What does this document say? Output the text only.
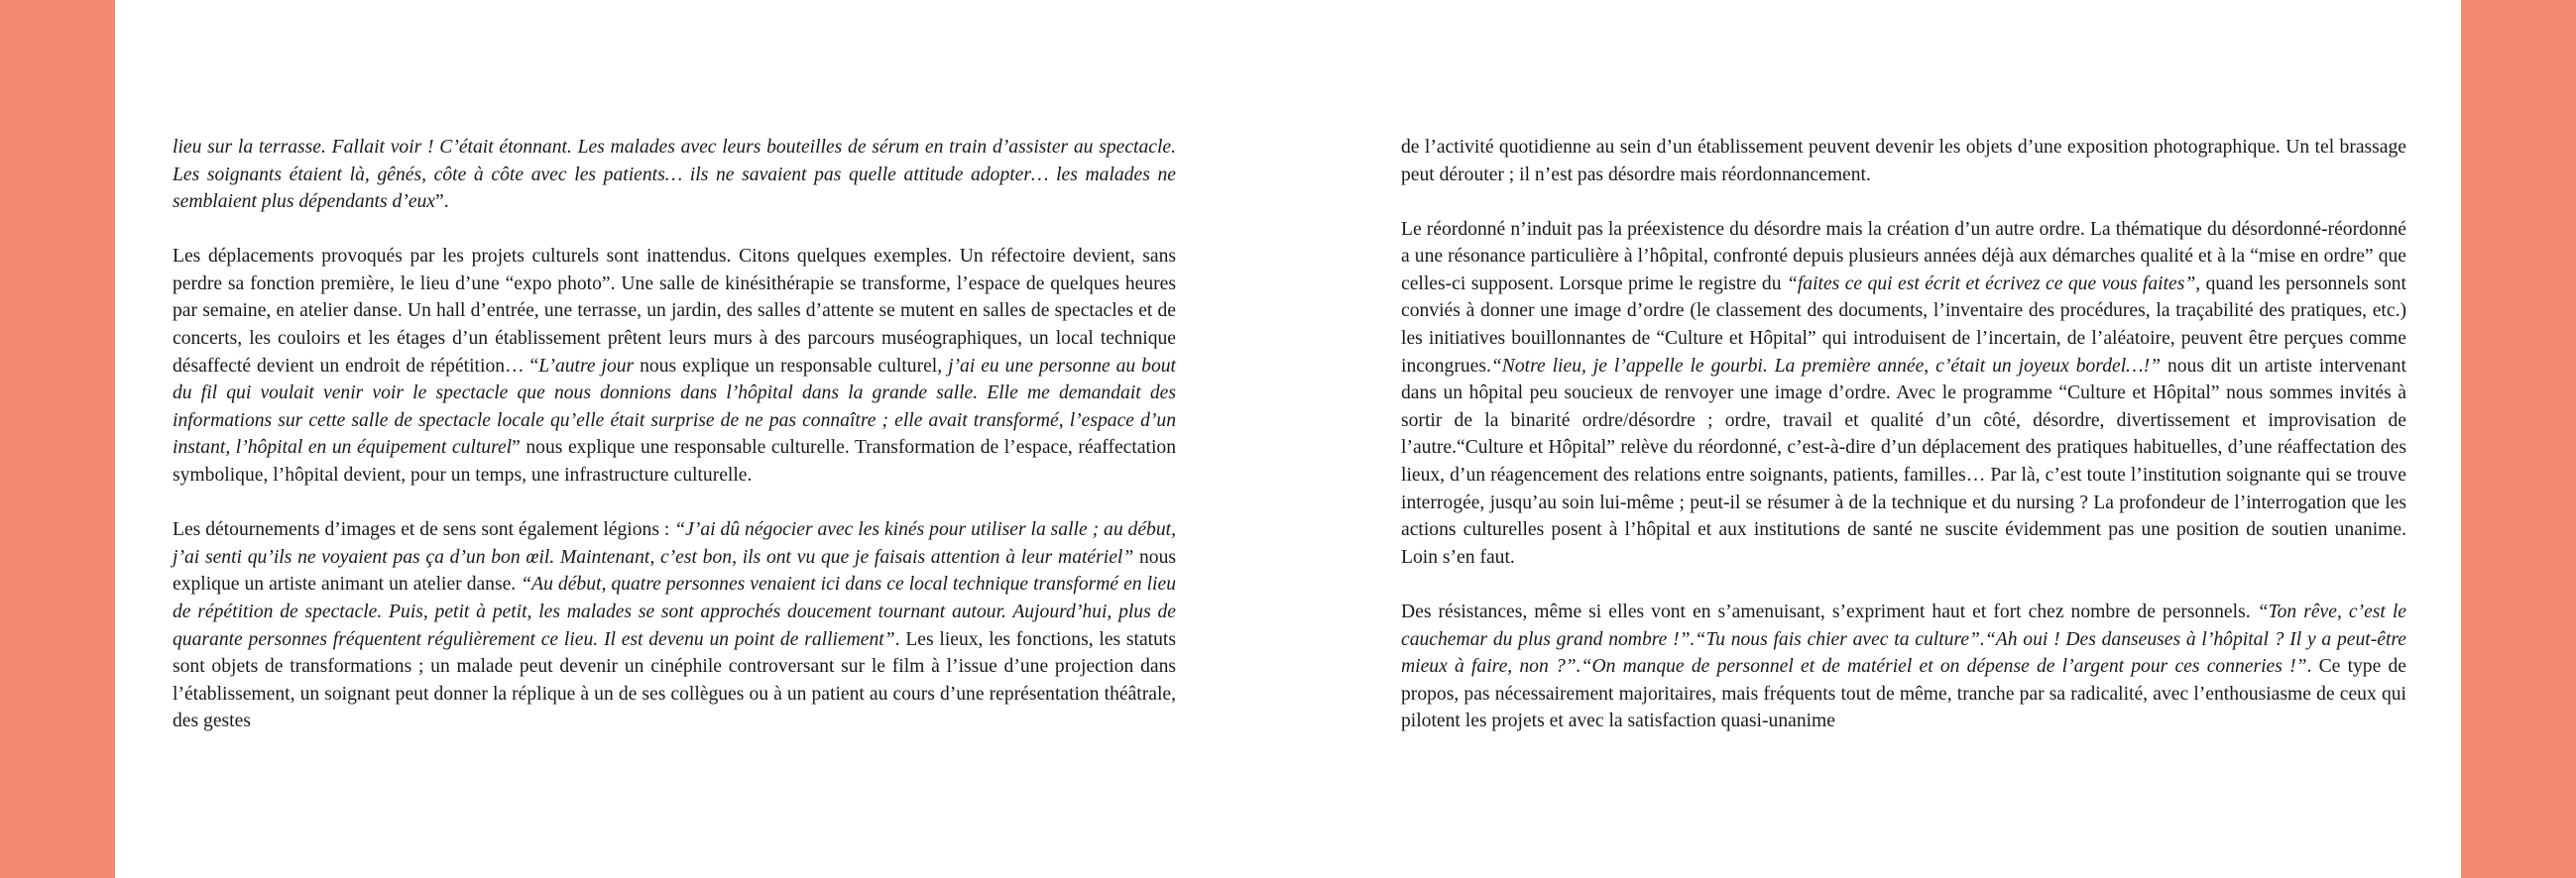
lieu sur la terrasse. Fallait voir ! C’était étonnant. Les malades avec leurs bouteilles de sérum en train d’assister au spectacle. Les soignants étaient là, gênés, côte à côte avec les patients… ils ne savaient pas quelle attitude adopter… les malades ne semblaient plus dépendants d’eux”.

Les déplacements provoqués par les projets culturels sont inattendus. Citons quelques exemples. Un réfectoire devient, sans perdre sa fonction première, le lieu d’une “expo photo”. Une salle de kinésithérapie se transforme, l’espace de quelques heures par semaine, en atelier danse. Un hall d’entrée, une terrasse, un jardin, des salles d’attente se mutent en salles de spectacles et de concerts, les couloirs et les étages d’un établissement prêtent leurs murs à des parcours muséographiques, un local technique désaffecté devient un endroit de répétition… “L’autre jour nous explique un responsable culturel, j’ai eu une personne au bout du fil qui voulait venir voir le spectacle que nous donnions dans l’hôpital dans la grande salle. Elle me demandait des informations sur cette salle de spectacle locale qu’elle était surprise de ne pas connaître ; elle avait transformé, l’espace d’un instant, l’hôpital en un équipement culturel” nous explique une responsable culturelle. Transformation de l’espace, réaffectation symbolique, l’hôpital devient, pour un temps, une infrastructure culturelle.

Les détournements d’images et de sens sont également légions : “J’ai dû négocier avec les kinés pour utiliser la salle ; au début, j’ai senti qu’ils ne voyaient pas ça d’un bon œil. Maintenant, c’est bon, ils ont vu que je faisais attention à leur matériel” nous explique un artiste animant un atelier danse. “Au début, quatre personnes venaient ici dans ce local technique transformé en lieu de répétition de spectacle. Puis, petit à petit, les malades se sont approchés doucement tournant autour. Aujourd’hui, plus de quarante personnes fréquentent régulièrement ce lieu. Il est devenu un point de ralliement”. Les lieux, les fonctions, les statuts sont objets de transformations ; un malade peut devenir un cinéphile controversant sur le film à l’issue d’une projection dans l’établissement, un soignant peut donner la réplique à un de ses collègues ou à un patient au cours d’une représentation théâtrale, des gestes

de l’activité quotidienne au sein d’un établissement peuvent devenir les objets d’une exposition photographique. Un tel brassage peut dérouter ; il n’est pas désordre mais réordonnancement.

Le réordonné n’induit pas la préexistence du désordre mais la création d’un autre ordre. La thématique du désordonné-réordonné a une résonance particulière à l’hôpital, confronté depuis plusieurs années déjà aux démarches qualité et à la “mise en ordre” que celles-ci supposent. Lorsque prime le registre du “faites ce qui est écrit et écrivez ce que vous faites”, quand les personnels sont conviés à donner une image d’ordre (le classement des documents, l’inventaire des procédures, la traçabilité des pratiques, etc.) les initiatives bouillonnantes de “Culture et Hôpital” qui introduisent de l’incertain, de l’aléatoire, peuvent être perçues comme incongrues.“Notre lieu, je l’appelle le gourbi. La première année, c’était un joyeux bordel…!” nous dit un artiste intervenant dans un hôpital peu soucieux de renvoyer une image d’ordre. Avec le programme “Culture et Hôpital” nous sommes invités à sortir de la binarité ordre/désordre ; ordre, travail et qualité d’un côté, désordre, divertissement et improvisation de l’autre.“Culture et Hôpital” relève du réordonné, c’est-à-dire d’un déplacement des pratiques habituelles, d’une réaffectation des lieux, d’un réagencement des relations entre soignants, patients, familles… Par là, c’est toute l’institution soignante qui se trouve interrogée, jusqu’au soin lui-même ; peut-il se résumer à de la technique et du nursing ? La profondeur de l’interrogation que les actions culturelles posent à l’hôpital et aux institutions de santé ne suscite évidemment pas une position de soutien unanime. Loin s’en faut.

Des résistances, même si elles vont en s’amenuisant, s’expriment haut et fort chez nombre de personnels. “Ton rêve, c’est le cauchemar du plus grand nombre !”.“Tu nous fais chier avec ta culture”.“Ah oui ! Des danseuses à l’hôpital ? Il y a peut-être mieux à faire, non ?”.“On manque de personnel et de matériel et on dépense de l’argent pour ces conneries !”. Ce type de propos, pas nécessairement majoritaires, mais fréquents tout de même, tranche par sa radicalité, avec l’enthousiasme de ceux qui pilotent les projets et avec la satisfaction quasi-unanime
